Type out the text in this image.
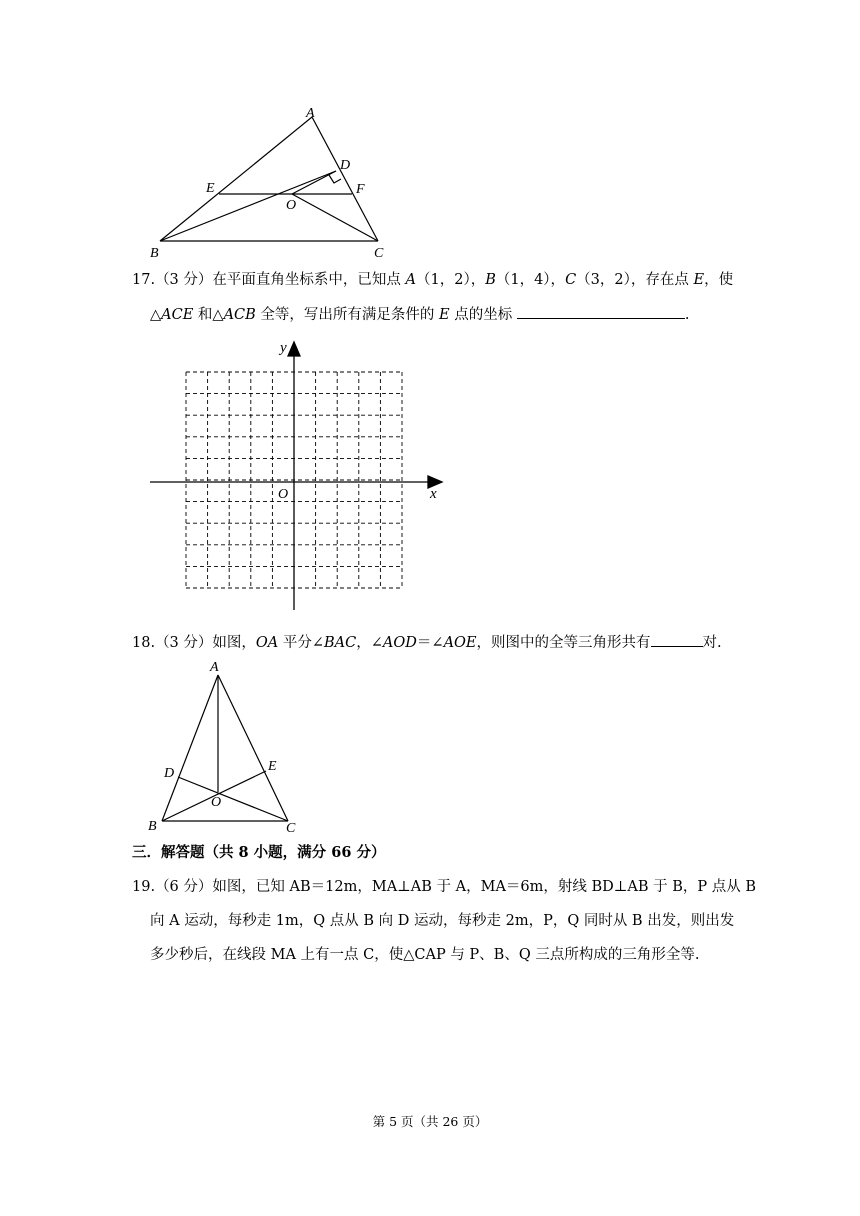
A
D
E	F
O
B	C
17.（3 分）在平面直角坐标系中，已知点 A（1，2），B（1，4），C（3，2），存在点 E，使
△ACE 和△ACB 全等，写出所有满足条件的 E 点的坐标	.
y
x
O
18.（3 分）如图，OA 平分∠BAC，∠AOD＝∠AOE，则图中的全等三角形共有	对.
A
D	E
O
B	C
三．解答题（共 8 小题，满分 66 分）
19.（6 分）如图，已知 AB＝12m，MA⊥AB 于 A，MA＝6m，射线 BD⊥AB 于 B，P 点从 B
向 A 运动，每秒走 1m，Q 点从 B 向 D 运动，每秒走 2m，P，Q 同时从 B 出发，则出发
多少秒后，在线段 MA 上有一点 C，使△CAP 与 P、B、Q 三点所构成的三角形全等.
第 5 页（共 26 页）
